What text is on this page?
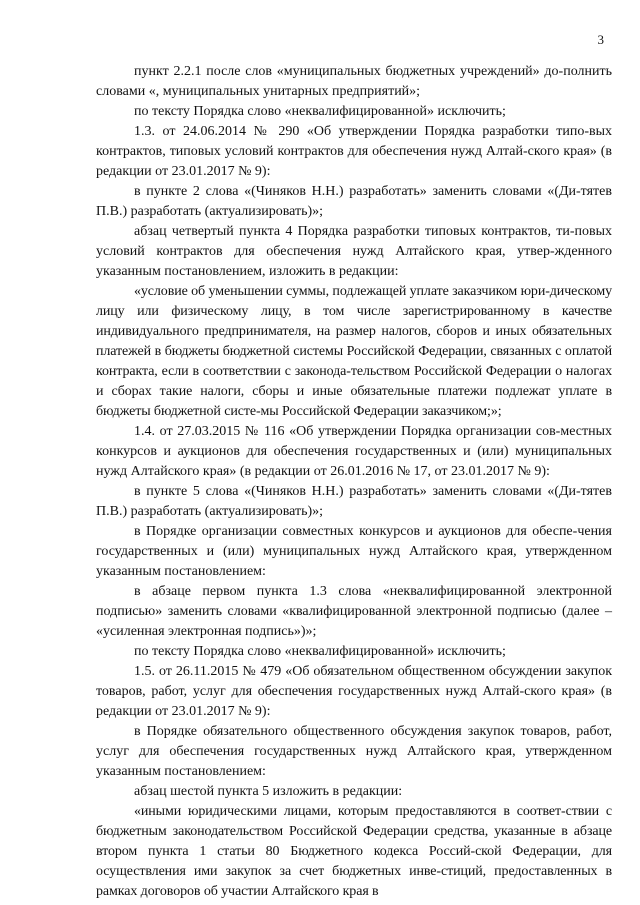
3

пункт 2.2.1 после слов «муниципальных бюджетных учреждений» до-полнить словами «, муниципальных унитарных предприятий»;

по тексту Порядка слово «неквалифицированной» исключить;

1.3. от 24.06.2014 № 290 «Об утверждении Порядка разработки типо-вых контрактов, типовых условий контрактов для обеспечения нужд Алтай-ского края» (в редакции от 23.01.2017 № 9):

в пункте 2 слова «(Чиняков Н.Н.) разработать» заменить словами «(Ди-тятев П.В.) разработать (актуализировать)»;

абзац четвертый пункта 4 Порядка разработки типовых контрактов, ти-повых условий контрактов для обеспечения нужд Алтайского края, утвер-жденного указанным постановлением, изложить в редакции:

«условие об уменьшении суммы, подлежащей уплате заказчиком юри-дическому лицу или физическому лицу, в том числе зарегистрированному в качестве индивидуального предпринимателя, на размер налогов, сборов и иных обязательных платежей в бюджеты бюджетной системы Российской Федерации, связанных с оплатой контракта, если в соответствии с законода-тельством Российской Федерации о налогах и сборах такие налоги, сборы и иные обязательные платежи подлежат уплате в бюджеты бюджетной систе-мы Российской Федерации заказчиком;»;

1.4. от 27.03.2015 № 116 «Об утверждении Порядка организации сов-местных конкурсов и аукционов для обеспечения государственных и (или) муниципальных нужд Алтайского края» (в редакции от 26.01.2016 № 17, от 23.01.2017 № 9):

в пункте 5 слова «(Чиняков Н.Н.) разработать» заменить словами «(Ди-тятев П.В.) разработать (актуализировать)»;

в Порядке организации совместных конкурсов и аукционов для обеспе-чения государственных и (или) муниципальных нужд Алтайского края, утвержденном указанным постановлением:

в абзаце первом пункта 1.3 слова «неквалифицированной электронной подписью» заменить словами «квалифицированной электронной подписью (далее – «усиленная электронная подпись»)»;

по тексту Порядка слово «неквалифицированной» исключить;

1.5. от 26.11.2015 № 479 «Об обязательном общественном обсуждении закупок товаров, работ, услуг для обеспечения государственных нужд Алтай-ского края» (в редакции от 23.01.2017 № 9):

в Порядке обязательного общественного обсуждения закупок товаров, работ, услуг для обеспечения государственных нужд Алтайского края, утвержденном указанным постановлением:

абзац шестой пункта 5 изложить в редакции:

«иными юридическими лицами, которым предоставляются в соответ-ствии с бюджетным законодательством Российской Федерации средства, указанные в абзаце втором пункта 1 статьи 80 Бюджетного кодекса Россий-ской Федерации, для осуществления ими закупок за счет бюджетных инве-стиций, предоставленных в рамках договоров об участии Алтайского края в
